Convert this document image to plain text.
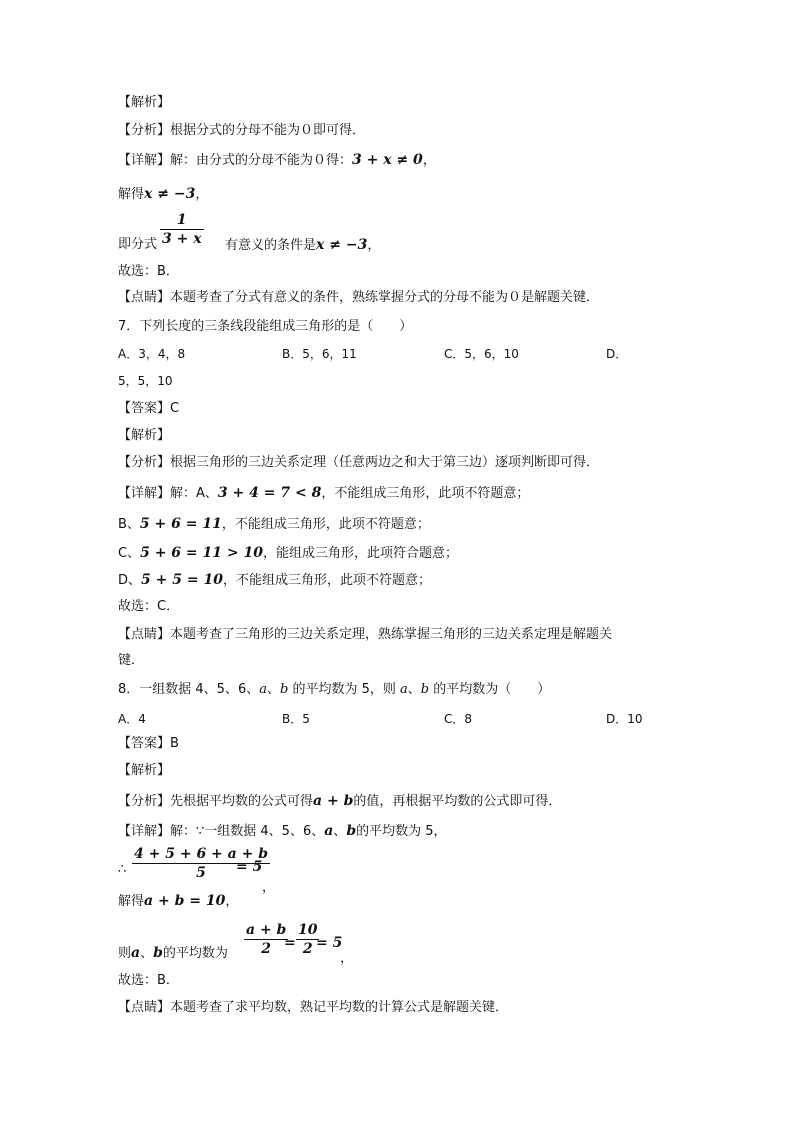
【解析】
【分析】根据分式的分母不能为０即可得．
【详解】解：由分式的分母不能为０得：3 + x ≠ 0，
解得x ≠ −3，
1
3 + x
即分式	有意义的条件是x ≠ −3，
故选：B．
【点睛】本题考查了分式有意义的条件，熟练掌握分式的分母不能为０是解题关键．
7．下列长度的三条线段能组成三角形的是（　　）
A．3，4，8	B．5，6，11	C．5，6，10	D．
5，5，10
【答案】C
【解析】
【分析】根据三角形的三边关系定理（任意两边之和大于第三边）逐项判断即可得．
【详解】解：A、3 + 4 = 7 < 8，不能组成三角形，此项不符题意；
B、5 + 6 = 11，不能组成三角形，此项不符题意；
C、5 + 6 = 11 > 10，能组成三角形，此项符合题意；
D、5 + 5 = 10，不能组成三角形，此项不符题意；
故选：C．
【点睛】本题考查了三角形的三边关系定理，熟练掌握三角形的三边关系定理是解题关
键．
8．一组数据 4、5、6、a、b 的平均数为 5，则 a、b 的平均数为（　　）
A．4	B．5	C．8	D．10
【答案】B
【解析】
【分析】先根据平均数的公式可得a + b的值，再根据平均数的公式即可得．
【详解】解：∵一组数据 4、5、6、a、b的平均数为 5，
∴
4 + 5 + 6 + a + b
5	= 5
，
解得a + b = 10，
则a、b的平均数为
a + b
2 =
10
2 = 5
，
故选：B．
【点睛】本题考查了求平均数，熟记平均数的计算公式是解题关键．
